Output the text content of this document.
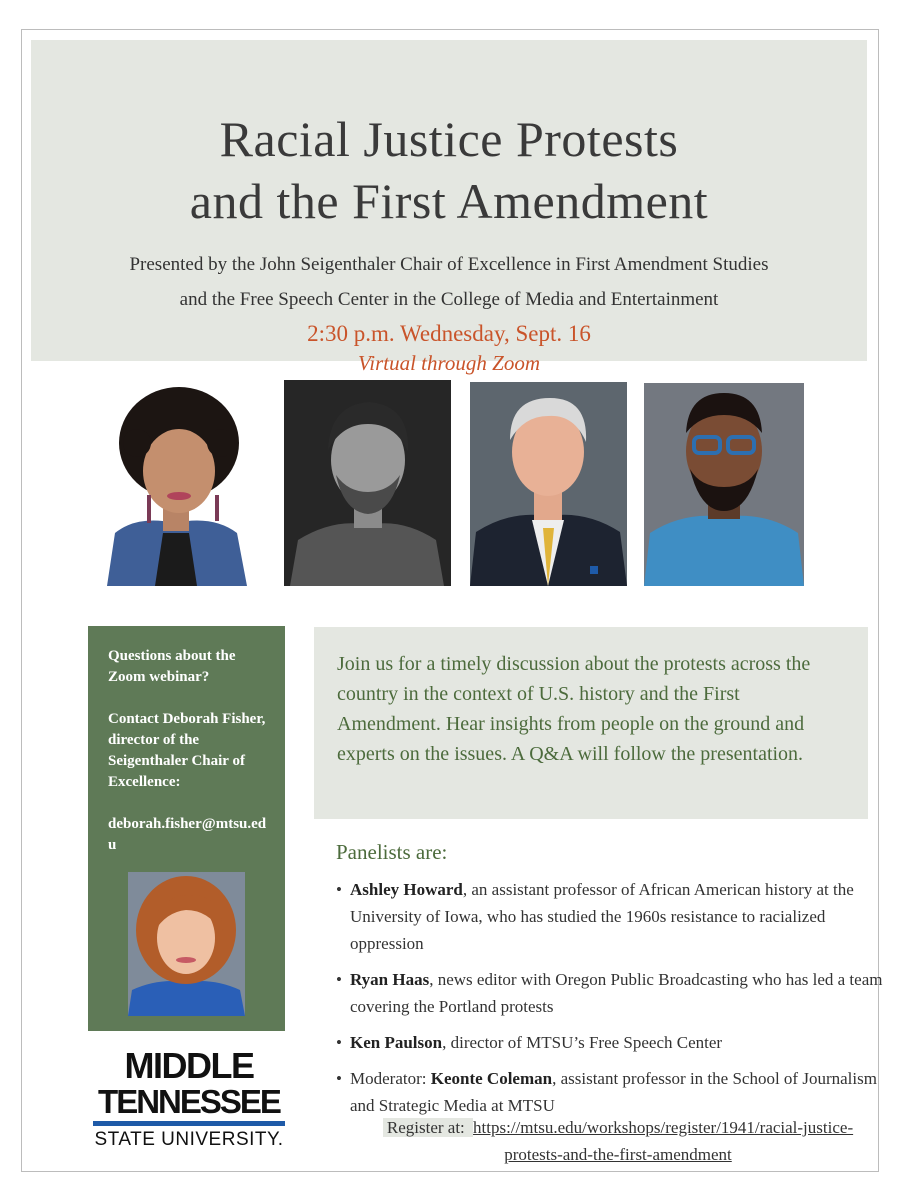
Racial Justice Protests
and the First Amendment
Presented by the John Seigenthaler Chair of Excellence in First Amendment Studies
and the Free Speech Center in the College of Media and Entertainment
2:30 p.m. Wednesday, Sept. 16
Virtual through Zoom
Questions about the Zoom webinar?
Contact Deborah Fisher, director of the Seigenthaler Chair of Excellence:
deborah.fisher@mtsu.edu
MIDDLE
TENNESSEE
STATE UNIVERSITY.

Join us for a timely discussion about the protests across the country in the context of U.S. history and the First Amendment. Hear insights from people on the ground and experts on the issues. A Q&A will follow the presentation.

Panelists are:
• Ashley Howard, an assistant professor of African American history at the University of Iowa, who has studied the 1960s resistance to racialized oppression
• Ryan Haas, news editor with Oregon Public Broadcasting who has led a team covering the Portland protests
• Ken Paulson, director of MTSU’s Free Speech Center
• Moderator: Keonte Coleman, assistant professor in the School of Journalism and Strategic Media at MTSU
Register at: https://mtsu.edu/workshops/register/1941/racial-justice-protests-and-the-first-amendment
